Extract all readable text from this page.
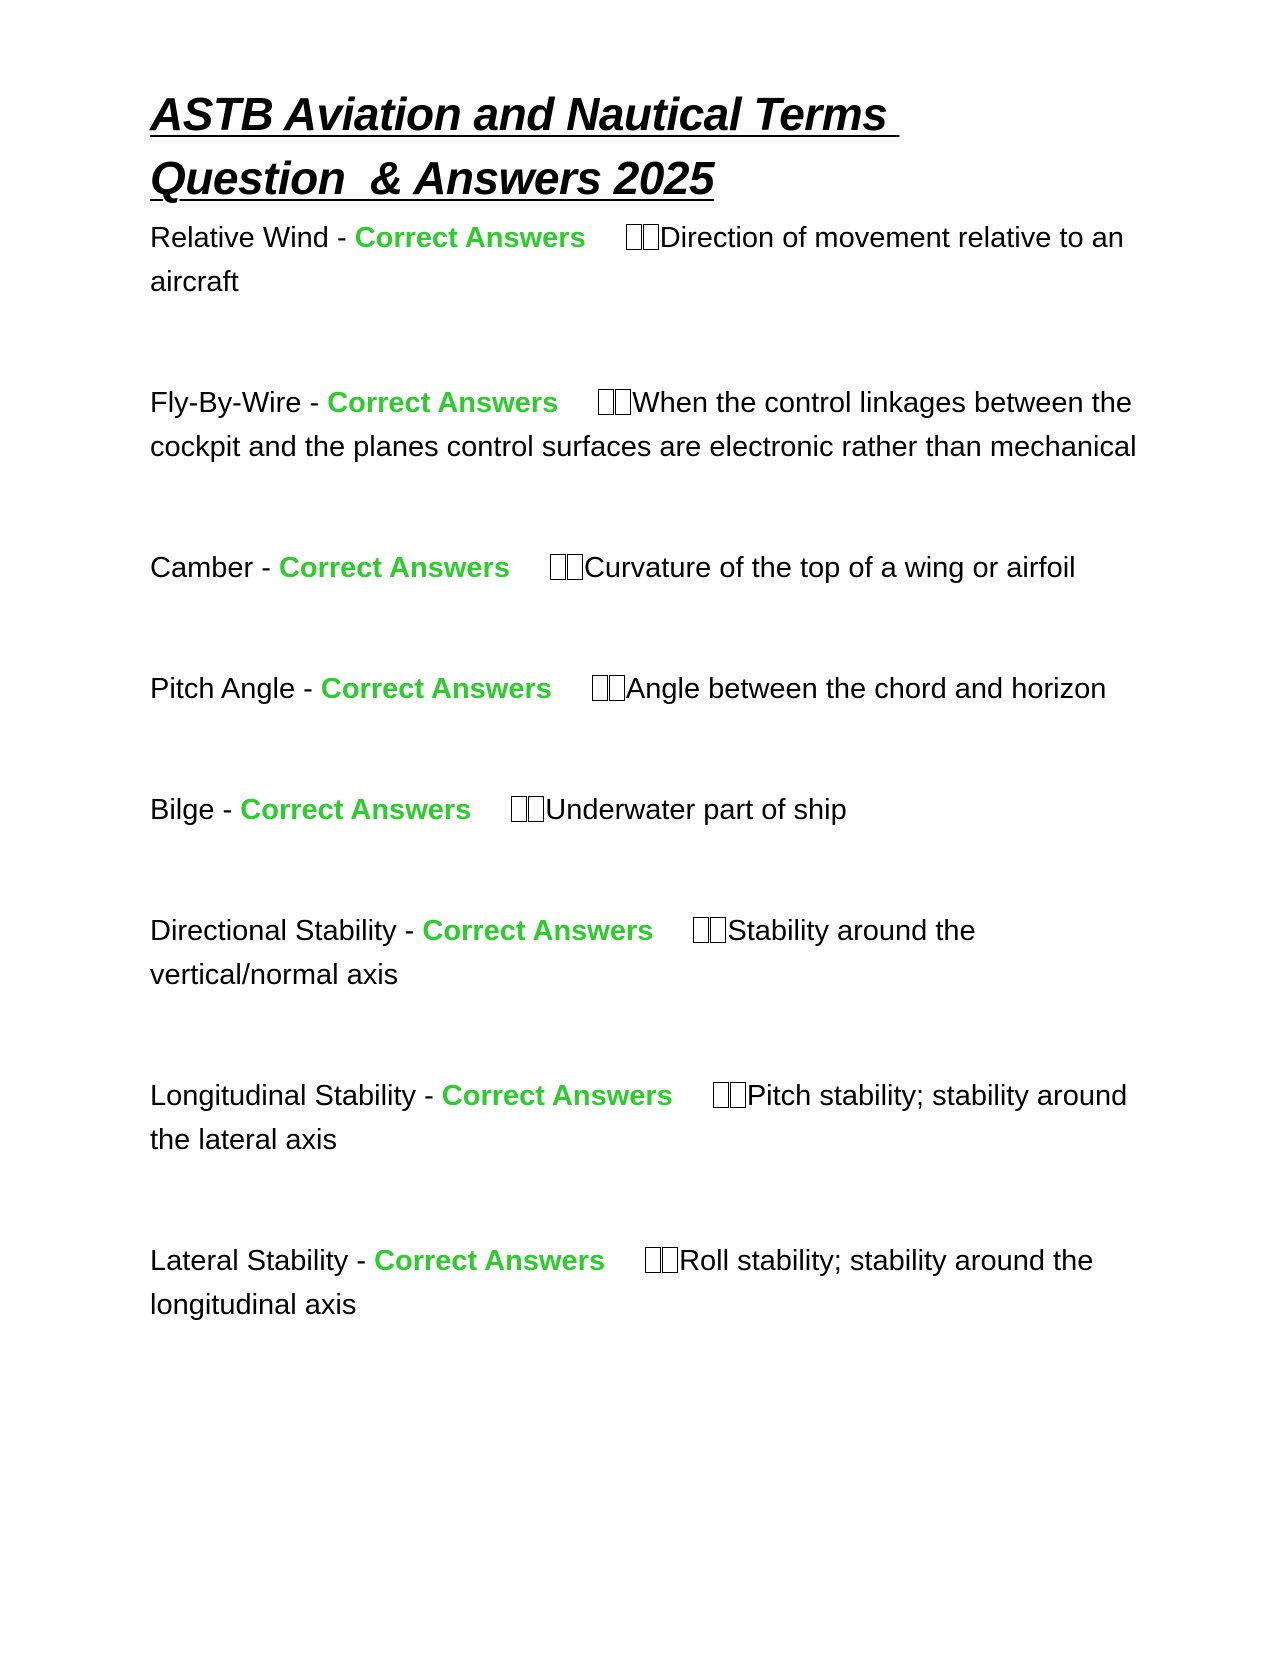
ASTB Aviation and Nautical Terms
Question  & Answers 2025

Relative Wind - Correct Answers	Direction of movement relative to an aircraft

Fly-By-Wire - Correct Answers	When the control linkages between the cockpit and the planes control surfaces are electronic rather than mechanical

Camber - Correct Answers	Curvature of the top of a wing or airfoil

Pitch Angle - Correct Answers	Angle between the chord and horizon

Bilge - Correct Answers	Underwater part of ship

Directional Stability - Correct Answers	Stability around the vertical/normal axis

Longitudinal Stability - Correct Answers	Pitch stability; stability around the lateral axis

Lateral Stability - Correct Answers	Roll stability; stability around the longitudinal axis
